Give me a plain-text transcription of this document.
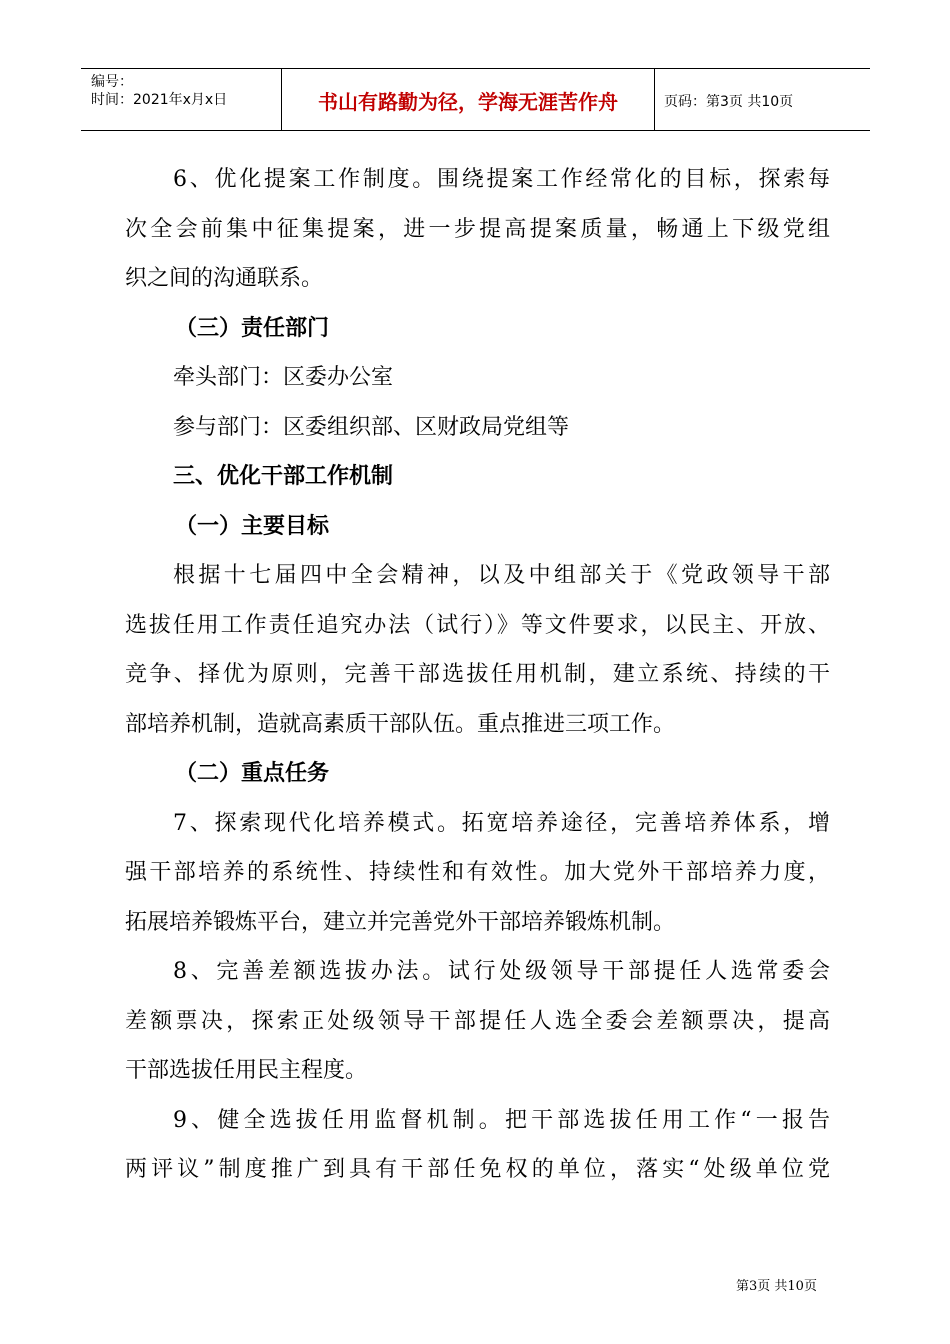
编号：
时间：2021年x月x日	书山有路勤为径，学海无涯苦作舟	页码：第3页 共10页
6、优化提案工作制度。围绕提案工作经常化的目标，探索每
次全会前集中征集提案，进一步提高提案质量，畅通上下级党组
织之间的沟通联系。
（三）责任部门
牵头部门：区委办公室
参与部门：区委组织部、区财政局党组等
三、优化干部工作机制
（一）主要目标
根据十七届四中全会精神，以及中组部关于《党政领导干部
选拔任用工作责任追究办法（试行）》等文件要求，以民主、开放、
竞争、择优为原则，完善干部选拔任用机制，建立系统、持续的干
部培养机制，造就高素质干部队伍。重点推进三项工作。
（二）重点任务
7、探索现代化培养模式。拓宽培养途径，完善培养体系，增
强干部培养的系统性、持续性和有效性。加大党外干部培养力度，
拓展培养锻炼平台，建立并完善党外干部培养锻炼机制。
8、完善差额选拔办法。试行处级领导干部提任人选常委会
差额票决，探索正处级领导干部提任人选全委会差额票决，提高
干部选拔任用民主程度。
9、健全选拔任用监督机制。把干部选拔任用工作“一报告
两评议”制度推广到具有干部任免权的单位，落实“处级单位党
第3页 共10页
